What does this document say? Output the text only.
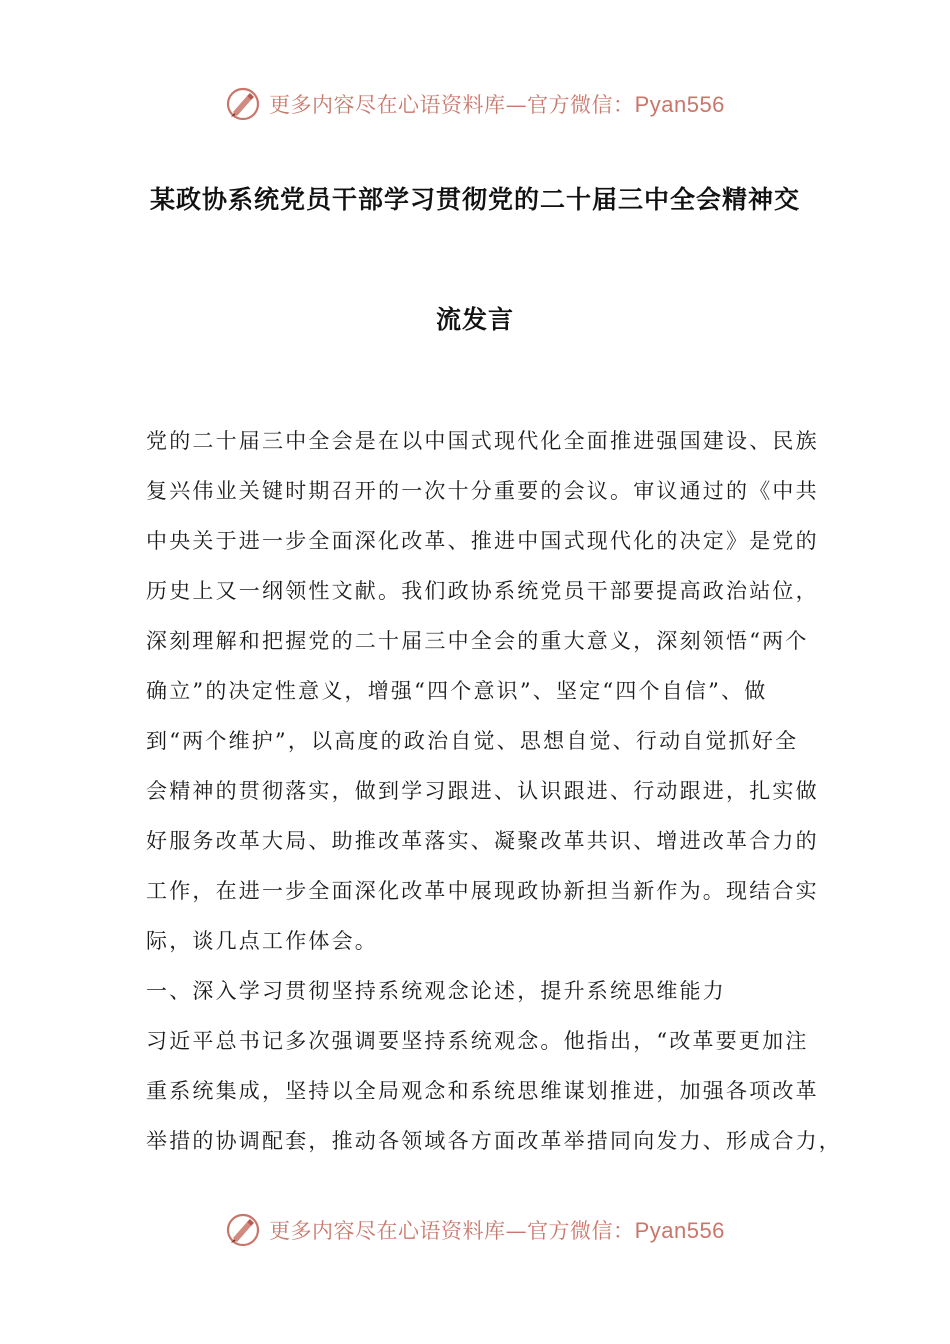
更多内容尽在心语资料库—官方微信：Pyan556
某政协系统党员干部学习贯彻党的二十届三中全会精神交
流发言
党的二十届三中全会是在以中国式现代化全面推进强国建设、民族
复兴伟业关键时期召开的一次十分重要的会议。审议通过的《中共
中央关于进一步全面深化改革、推进中国式现代化的决定》是党的
历史上又一纲领性文献。我们政协系统党员干部要提高政治站位，
深刻理解和把握党的二十届三中全会的重大意义，深刻领悟“两个
确立”的决定性意义，增强“四个意识”、坚定“四个自信”、做
到“两个维护”，以高度的政治自觉、思想自觉、行动自觉抓好全
会精神的贯彻落实，做到学习跟进、认识跟进、行动跟进，扎实做
好服务改革大局、助推改革落实、凝聚改革共识、增进改革合力的
工作，在进一步全面深化改革中展现政协新担当新作为。现结合实
际，谈几点工作体会。
一、深入学习贯彻坚持系统观念论述，提升系统思维能力
习近平总书记多次强调要坚持系统观念。他指出，“改革要更加注
重系统集成，坚持以全局观念和系统思维谋划推进，加强各项改革
举措的协调配套，推动各领域各方面改革举措同向发力、形成合力，
更多内容尽在心语资料库—官方微信：Pyan556
